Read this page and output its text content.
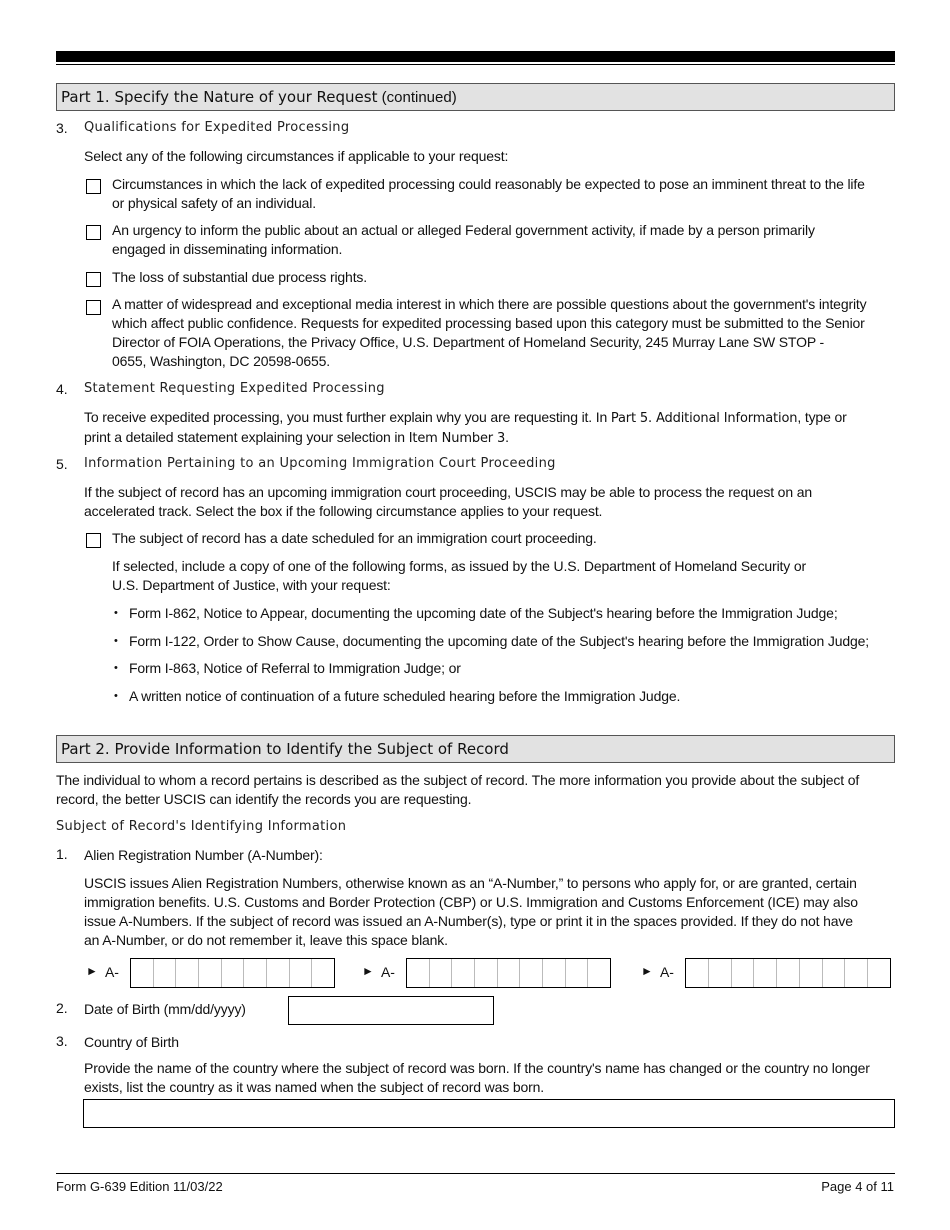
Part 1. Specify the Nature of your Request (continued)
3. Qualifications for Expedited Processing
Select any of the following circumstances if applicable to your request:
Circumstances in which the lack of expedited processing could reasonably be expected to pose an imminent threat to the life
or physical safety of an individual.
An urgency to inform the public about an actual or alleged Federal government activity, if made by a person primarily
engaged in disseminating information.
The loss of substantial due process rights.
A matter of widespread and exceptional media interest in which there are possible questions about the government's integrity
which affect public confidence. Requests for expedited processing based upon this category must be submitted to the Senior
Director of FOIA Operations, the Privacy Office, U.S. Department of Homeland Security, 245 Murray Lane SW STOP -
0655, Washington, DC 20598-0655.
4. Statement Requesting Expedited Processing
To receive expedited processing, you must further explain why you are requesting it. In Part 5. Additional Information, type or
print a detailed statement explaining your selection in Item Number 3.
5. Information Pertaining to an Upcoming Immigration Court Proceeding
If the subject of record has an upcoming immigration court proceeding, USCIS may be able to process the request on an
accelerated track. Select the box if the following circumstance applies to your request.
The subject of record has a date scheduled for an immigration court proceeding.
If selected, include a copy of one of the following forms, as issued by the U.S. Department of Homeland Security or
U.S. Department of Justice, with your request:
• Form I-862, Notice to Appear, documenting the upcoming date of the Subject's hearing before the Immigration Judge;
• Form I-122, Order to Show Cause, documenting the upcoming date of the Subject's hearing before the Immigration Judge;
• Form I-863, Notice of Referral to Immigration Judge; or
• A written notice of continuation of a future scheduled hearing before the Immigration Judge.
Part 2. Provide Information to Identify the Subject of Record
The individual to whom a record pertains is described as the subject of record. The more information you provide about the subject of
record, the better USCIS can identify the records you are requesting.
Subject of Record's Identifying Information
1. Alien Registration Number (A-Number):
USCIS issues Alien Registration Numbers, otherwise known as an “A-Number,” to persons who apply for, or are granted, certain
immigration benefits. U.S. Customs and Border Protection (CBP) or U.S. Immigration and Customs Enforcement (ICE) may also
issue A-Numbers. If the subject of record was issued an A-Number(s), type or print it in the spaces provided. If they do not have
an A-Number, or do not remember it, leave this space blank.
► A-	► A-	► A-
2. Date of Birth (mm/dd/yyyy)
3. Country of Birth
Provide the name of the country where the subject of record was born. If the country's name has changed or the country no longer
exists, list the country as it was named when the subject of record was born.
Form G-639 Edition 11/03/22	Page 4 of 11
